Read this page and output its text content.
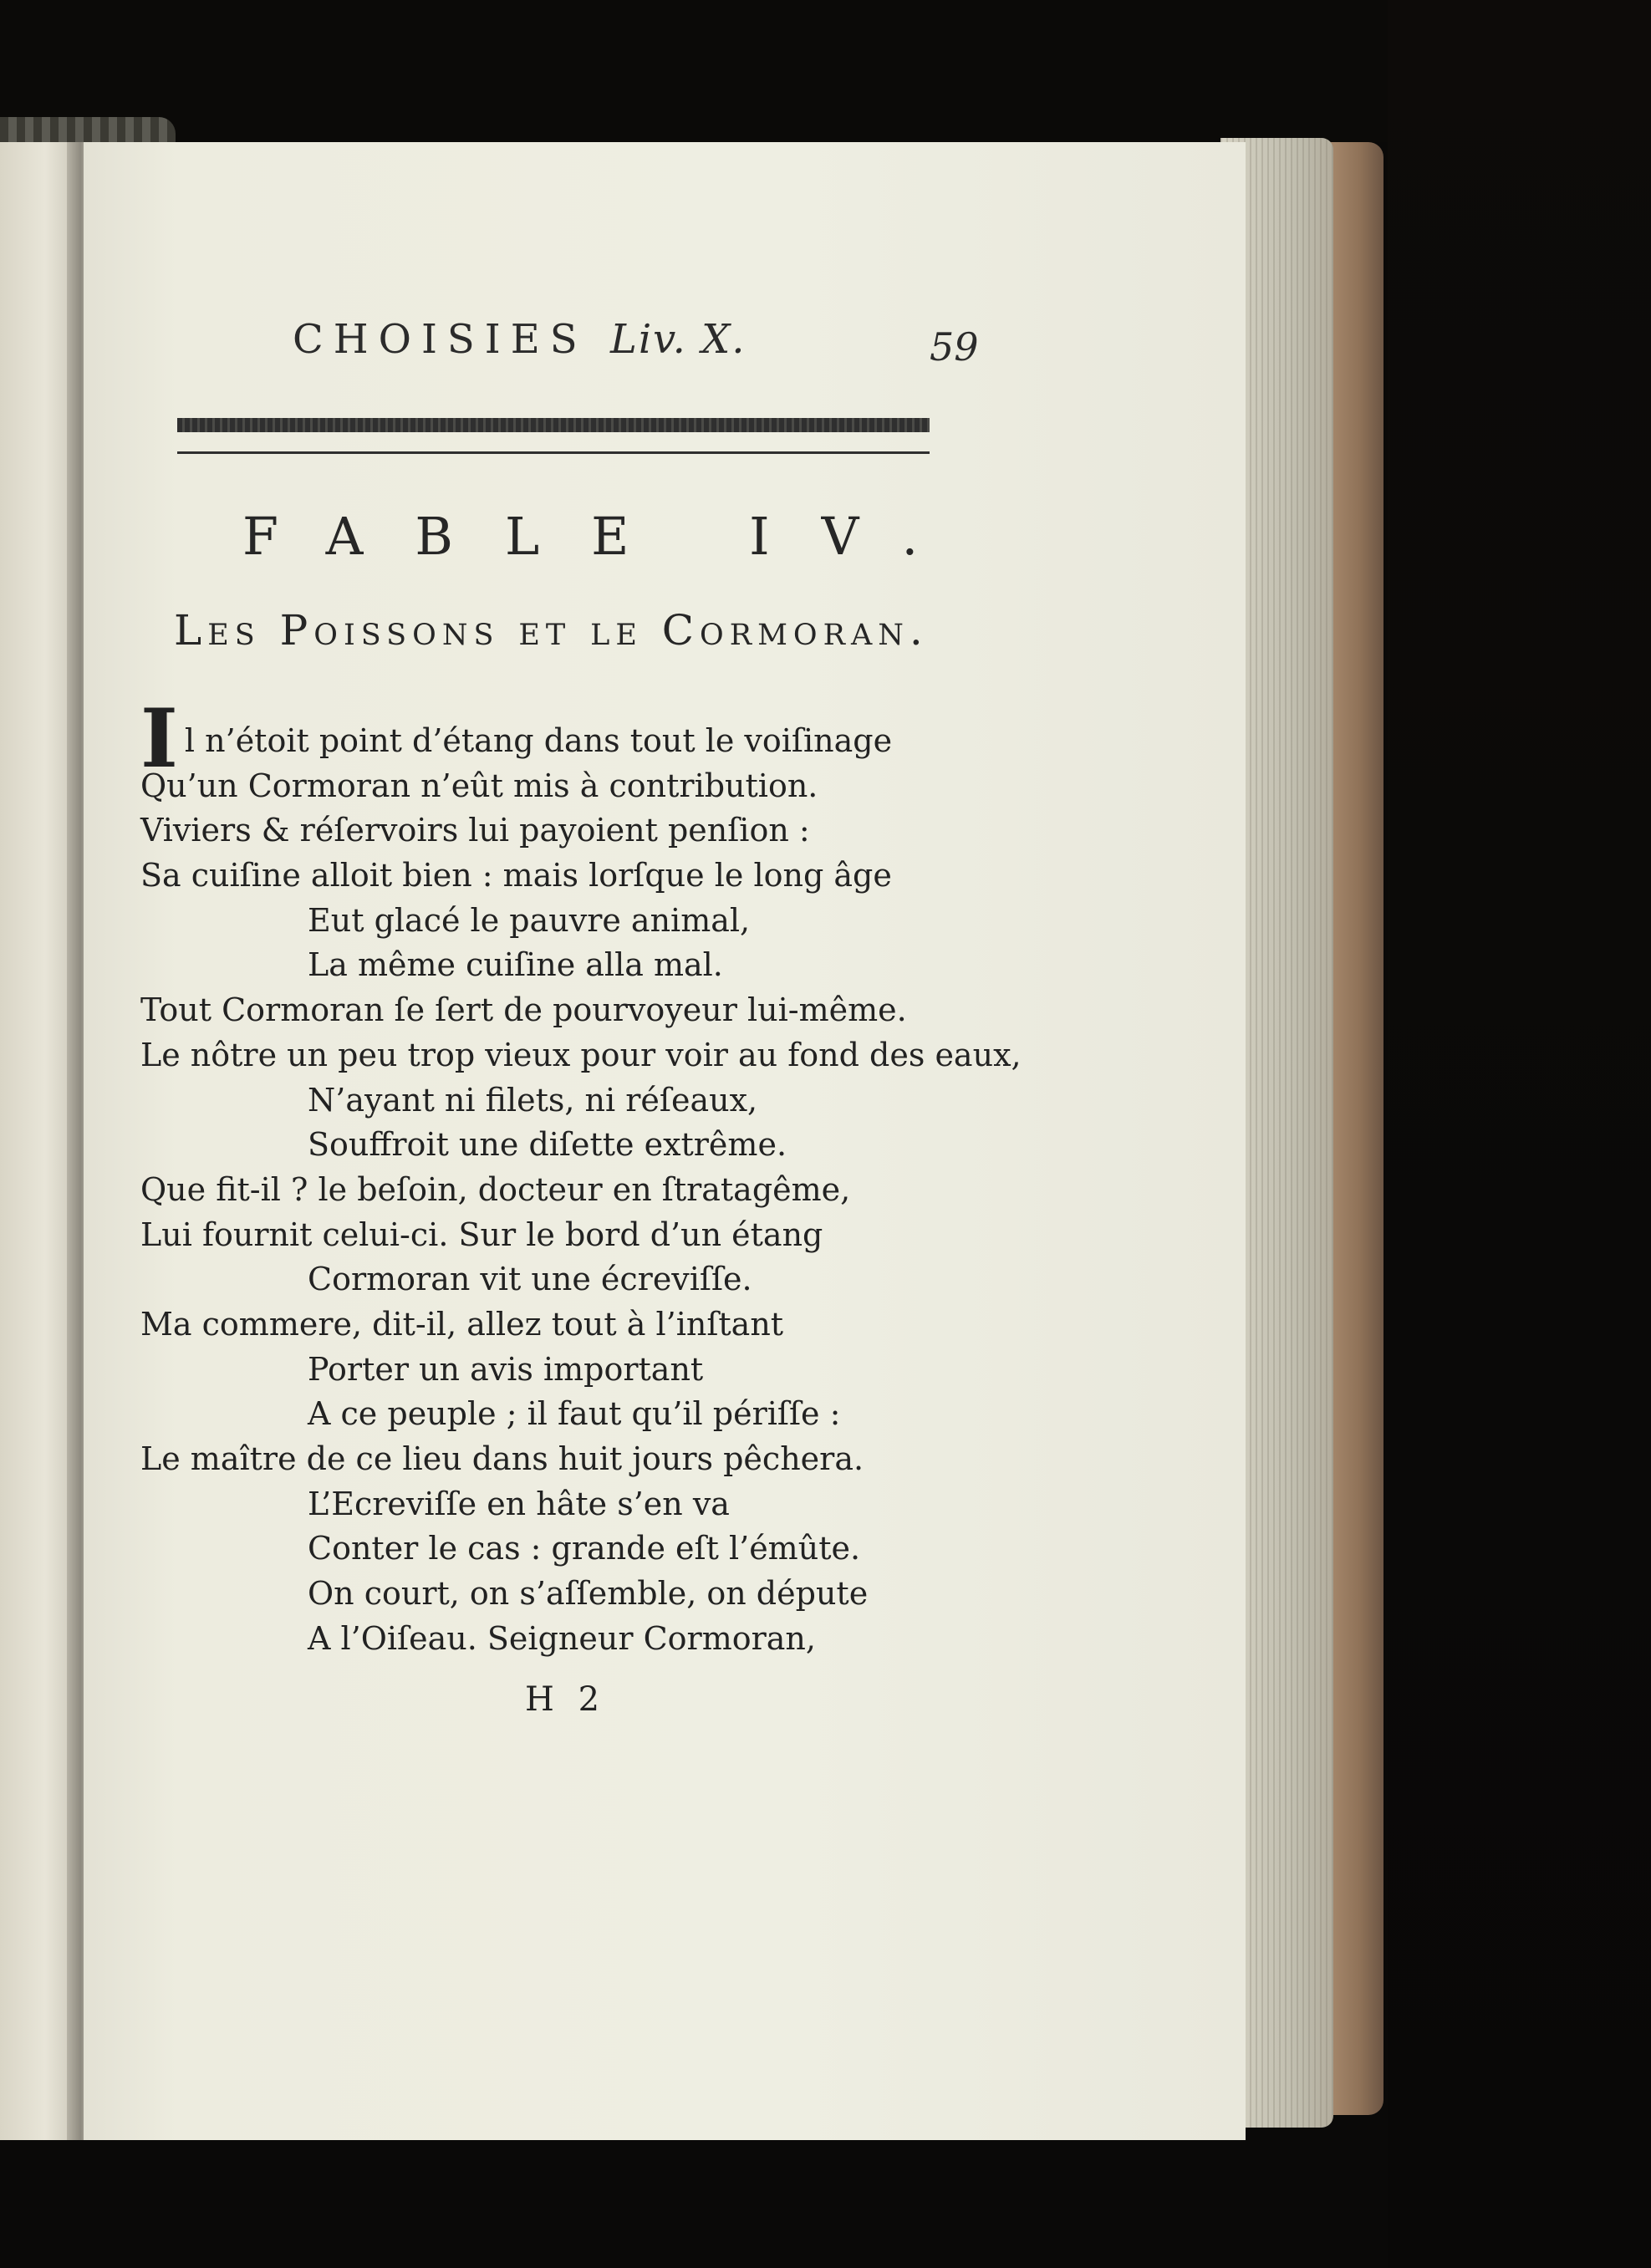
CHOISIES Liv. X.	59
FABLE IV.
Les Poissons et le Cormoran.
Il n’étoit point d’étang dans tout le voiſinage
Qu’un Cormoran n’eût mis à contribution.
Viviers & réſervoirs lui payoient penſion :
Sa cuiſine alloit bien : mais lorſque le long âge
Eut glacé le pauvre animal,
La même cuiſine alla mal.
Tout Cormoran ſe ſert de pourvoyeur lui-même.
Le nôtre un peu trop vieux pour voir au fond des eaux,
N’ayant ni filets, ni réſeaux,
Souffroit une diſette extrême.
Que fit-il ? le beſoin, docteur en ſtratagême,
Lui fournit celui-ci. Sur le bord d’un étang
Cormoran vit une écreviſſe.
Ma commere, dit-il, allez tout à l’inſtant
Porter un avis important
A ce peuple ; il faut qu’il périſſe :
Le maître de ce lieu dans huit jours pêchera.
L’Ecreviſſe en hâte s’en va
Conter le cas : grande eſt l’émûte.
On court, on s’aſſemble, on députe
A l’Oiſeau. Seigneur Cormoran,
H 2
